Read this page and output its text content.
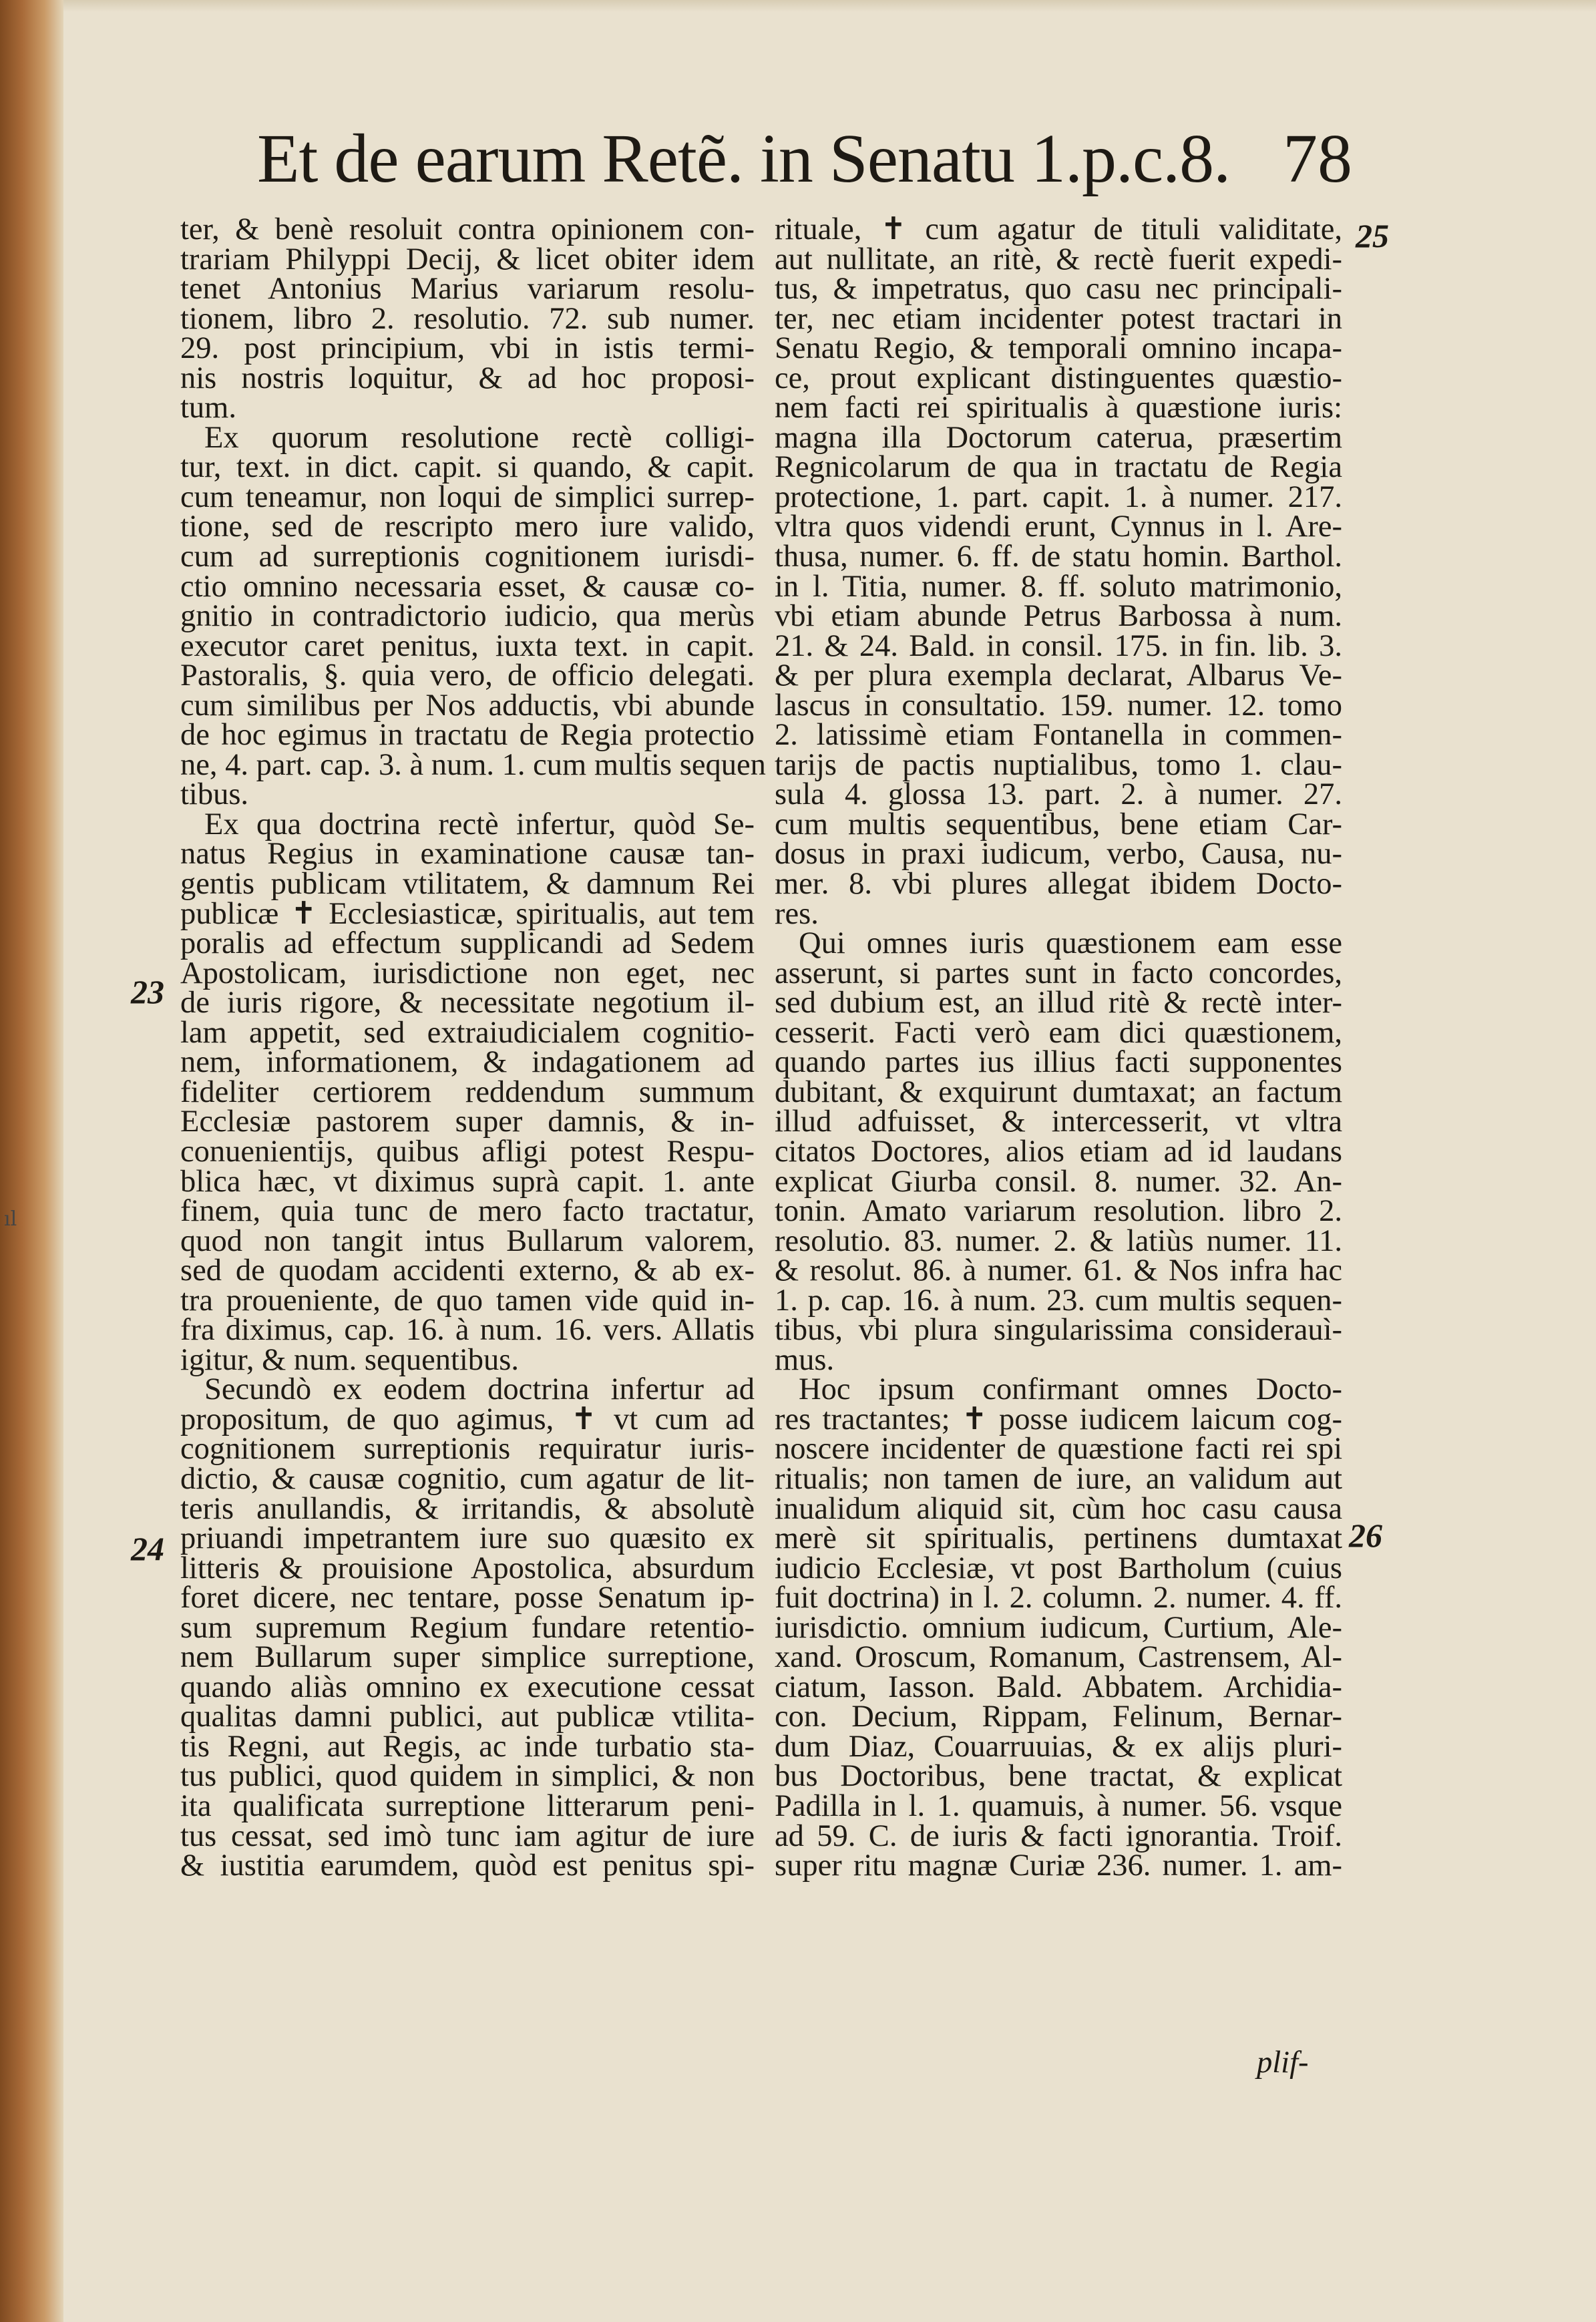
Et de earum Retẽ. in Senatu 1.p.c.8. 78
ter, & benè resoluit contra opinionem con-
trariam Philyppi Decij, & licet obiter idem
tenet Antonius Marius variarum resolu-
tionem, libro 2. resolutio. 72. sub numer.
29. post principium, vbi in istis termi-
nis nostris loquitur, & ad hoc proposi-
tum.
Ex quorum resolutione rectè colligi-
tur, text. in dict. capit. si quando, & capit.
cum teneamur, non loqui de simplici surrep-
tione, sed de rescripto mero iure valido,
cum ad surreptionis cognitionem iurisdi-
ctio omnino necessaria esset, & causæ co-
gnitio in contradictorio iudicio, qua merùs
executor caret penitus, iuxta text. in capit.
Pastoralis, §. quia vero, de officio delegati.
cum similibus per Nos adductis, vbi abunde
de hoc egimus in tractatu de Regia protectio
ne, 4. part. cap. 3. à num. 1. cum multis sequen
tibus.
Ex qua doctrina rectè infertur, quòd Se-
natus Regius in examinatione causæ tan-
gentis publicam vtilitatem, & damnum Rei
publicæ ✝ Ecclesiasticæ, spiritualis, aut tem
poralis ad effectum supplicandi ad Sedem
Apostolicam, iurisdictione non eget, nec
de iuris rigore, & necessitate negotium il-
lam appetit, sed extraiudicialem cognitio-
nem, informationem, & indagationem ad
fideliter certiorem reddendum summum
Ecclesiæ pastorem super damnis, & in-
conuenientijs, quibus afligi potest Respu-
blica hæc, vt diximus suprà capit. 1. ante
finem, quia tunc de mero facto tractatur,
quod non tangit intus Bullarum valorem,
sed de quodam accidenti externo, & ab ex-
tra proueniente, de quo tamen vide quid in-
fra diximus, cap. 16. à num. 16. vers. Allatis
igitur, & num. sequentibus.
Secundò ex eodem doctrina infertur ad
propositum, de quo agimus, ✝ vt cum ad
cognitionem surreptionis requiratur iuris-
dictio, & causæ cognitio, cum agatur de lit-
teris anullandis, & irritandis, & absolutè
priuandi impetrantem iure suo quæsito ex
litteris & prouisione Apostolica, absurdum
foret dicere, nec tentare, posse Senatum ip-
sum supremum Regium fundare retentio-
nem Bullarum super simplice surreptione,
quando aliàs omnino ex executione cessat
qualitas damni publici, aut publicæ vtilita-
tis Regni, aut Regis, ac inde turbatio sta-
tus publici, quod quidem in simplici, & non
ita qualificata surreptione litterarum peni-
tus cessat, sed imò tunc iam agitur de iure
& iustitia earumdem, quòd est penitus spi-
rituale, ✝ cum agatur de tituli validitate,
aut nullitate, an ritè, & rectè fuerit expedi-
tus, & impetratus, quo casu nec principali-
ter, nec etiam incidenter potest tractari in
Senatu Regio, & temporali omnino incapa-
ce, prout explicant distinguentes quæstio-
nem facti rei spiritualis à quæstione iuris:
magna illa Doctorum caterua, præsertim
Regnicolarum de qua in tractatu de Regia
protectione, 1. part. capit. 1. à numer. 217.
vltra quos videndi erunt, Cynnus in l. Are-
thusa, numer. 6. ff. de statu homin. Barthol.
in l. Titia, numer. 8. ff. soluto matrimonio,
vbi etiam abunde Petrus Barbossa à num.
21. & 24. Bald. in consil. 175. in fin. lib. 3.
& per plura exempla declarat, Albarus Ve-
lascus in consultatio. 159. numer. 12. tomo
2. latissimè etiam Fontanella in commen-
tarijs de pactis nuptialibus, tomo 1. clau-
sula 4. glossa 13. part. 2. à numer. 27.
cum multis sequentibus, bene etiam Car-
dosus in praxi iudicum, verbo, Causa, nu-
mer. 8. vbi plures allegat ibidem Docto-
res.
Qui omnes iuris quæstionem eam esse
asserunt, si partes sunt in facto concordes,
sed dubium est, an illud ritè & rectè inter-
cesserit. Facti verò eam dici quæstionem,
quando partes ius illius facti supponentes
dubitant, & exquirunt dumtaxat; an factum
illud adfuisset, & intercesserit, vt vltra
citatos Doctores, alios etiam ad id laudans
explicat Giurba consil. 8. numer. 32. An-
tonin. Amato variarum resolution. libro 2.
resolutio. 83. numer. 2. & latiùs numer. 11.
& resolut. 86. à numer. 61. & Nos infra hac
1. p. cap. 16. à num. 23. cum multis sequen-
tibus, vbi plura singularissima considerauì-
mus.
Hoc ipsum confirmant omnes Docto-
res tractantes; ✝ posse iudicem laicum cog-
noscere incidenter de quæstione facti rei spi
ritualis; non tamen de iure, an validum aut
inualidum aliquid sit, cùm hoc casu causa
merè sit spiritualis, pertinens dumtaxat
iudicio Ecclesiæ, vt post Bartholum (cuius
fuit doctrina) in l. 2. column. 2. numer. 4. ff.
iurisdictio. omnium iudicum, Curtium, Ale-
xand. Oroscum, Romanum, Castrensem, Al-
ciatum, Iasson. Bald. Abbatem. Archidia-
con. Decium, Rippam, Felinum, Bernar-
dum Diaz, Couarruuias, & ex alijs pluri-
bus Doctoribus, bene tractat, & explicat
Padilla in l. 1. quamuis, à numer. 56. vsque
ad 59. C. de iuris & facti ignorantia. Troif.
super ritu magnæ Curiæ 236. numer. 1. am-
23
24
25
26
plif-
ıl
